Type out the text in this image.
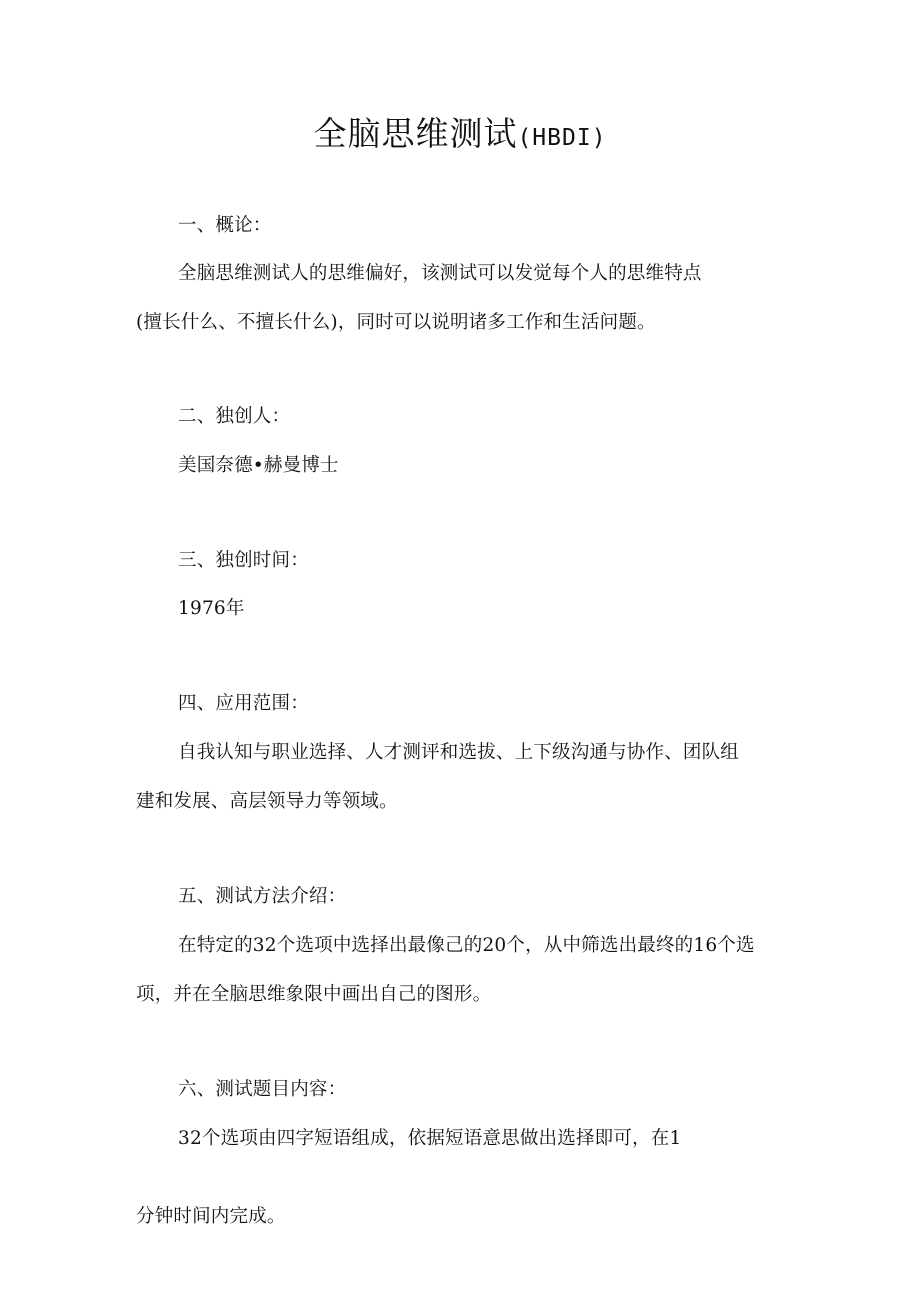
全脑思维测试(HBDI)
一、概论：
全脑思维测试人的思维偏好，该测试可以发觉每个人的思维特点
(擅长什么、不擅长什么)，同时可以说明诸多工作和生活问题。
二、独创人：
美国奈德•赫曼博士
三、独创时间：
1976年
四、应用范围：
自我认知与职业选择、人才测评和选拔、上下级沟通与协作、团队组
建和发展、高层领导力等领域。
五、测试方法介绍：
在特定的32个选项中选择出最像己的20个，从中筛选出最终的16个选
项，并在全脑思维象限中画出自己的图形。
六、测试题目内容：
32个选项由四字短语组成，依据短语意思做出选择即可，在1
分钟时间内完成。
